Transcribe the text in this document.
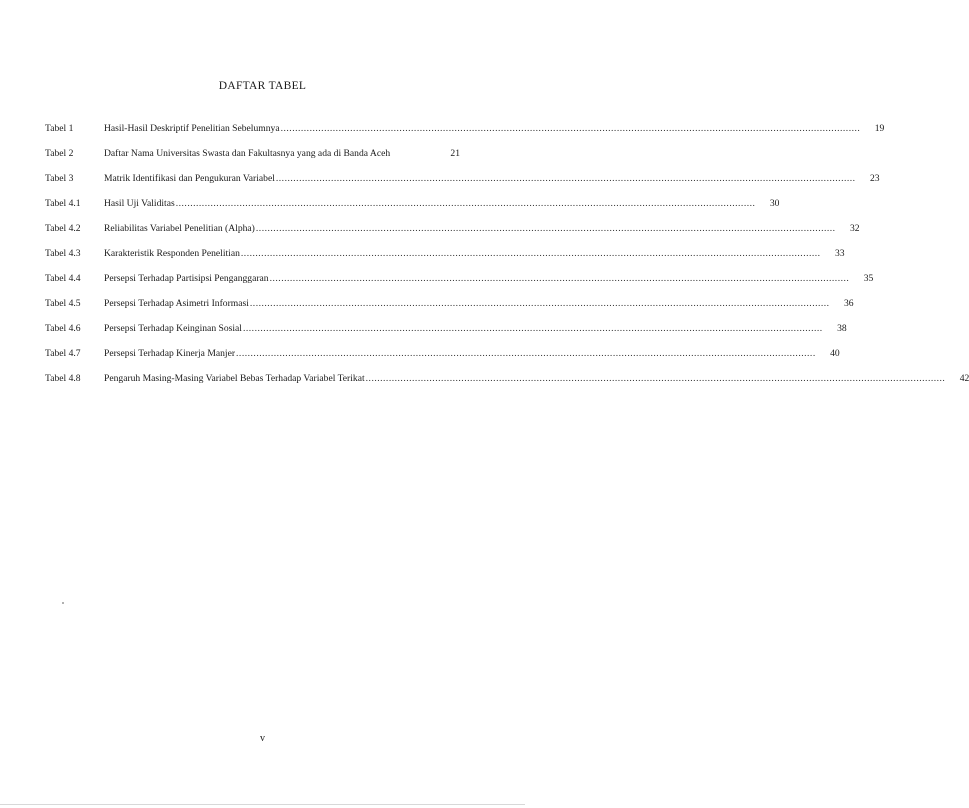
DAFTAR TABEL
Tabel 1	Hasil-Hasil Deskriptif Penelitian Sebelumnya ........................................................................................................................................................................................................	19
Tabel 2	Daftar Nama Universitas Swasta dan Fakultasnya yang ada di Banda Aceh	21
Tabel 3	Matrik Identifikasi dan Pengukuran Variabel ........................................................................................................................................................................................................	23
Tabel 4.1	Hasil Uji Validitas ........................................................................................................................................................................................................	30
Tabel 4.2	Reliabilitas Variabel Penelitian (Alpha) ........................................................................................................................................................................................................	32
Tabel 4.3	Karakteristik Responden Penelitian ........................................................................................................................................................................................................	33
Tabel 4.4	Persepsi Terhadap Partisipsi Penganggaran ........................................................................................................................................................................................................	35
Tabel 4.5	Persepsi Terhadap Asimetri Informasi ........................................................................................................................................................................................................	36
Tabel 4.6	Persepsi Terhadap Keinginan Sosial ........................................................................................................................................................................................................	38
Tabel 4.7	Persepsi Terhadap Kinerja Manjer ........................................................................................................................................................................................................	40
Tabel 4.8	Pengaruh Masing-Masing Variabel Bebas Terhadap Variabel Terikat ........................................................................................................................................................................................................	42
v
